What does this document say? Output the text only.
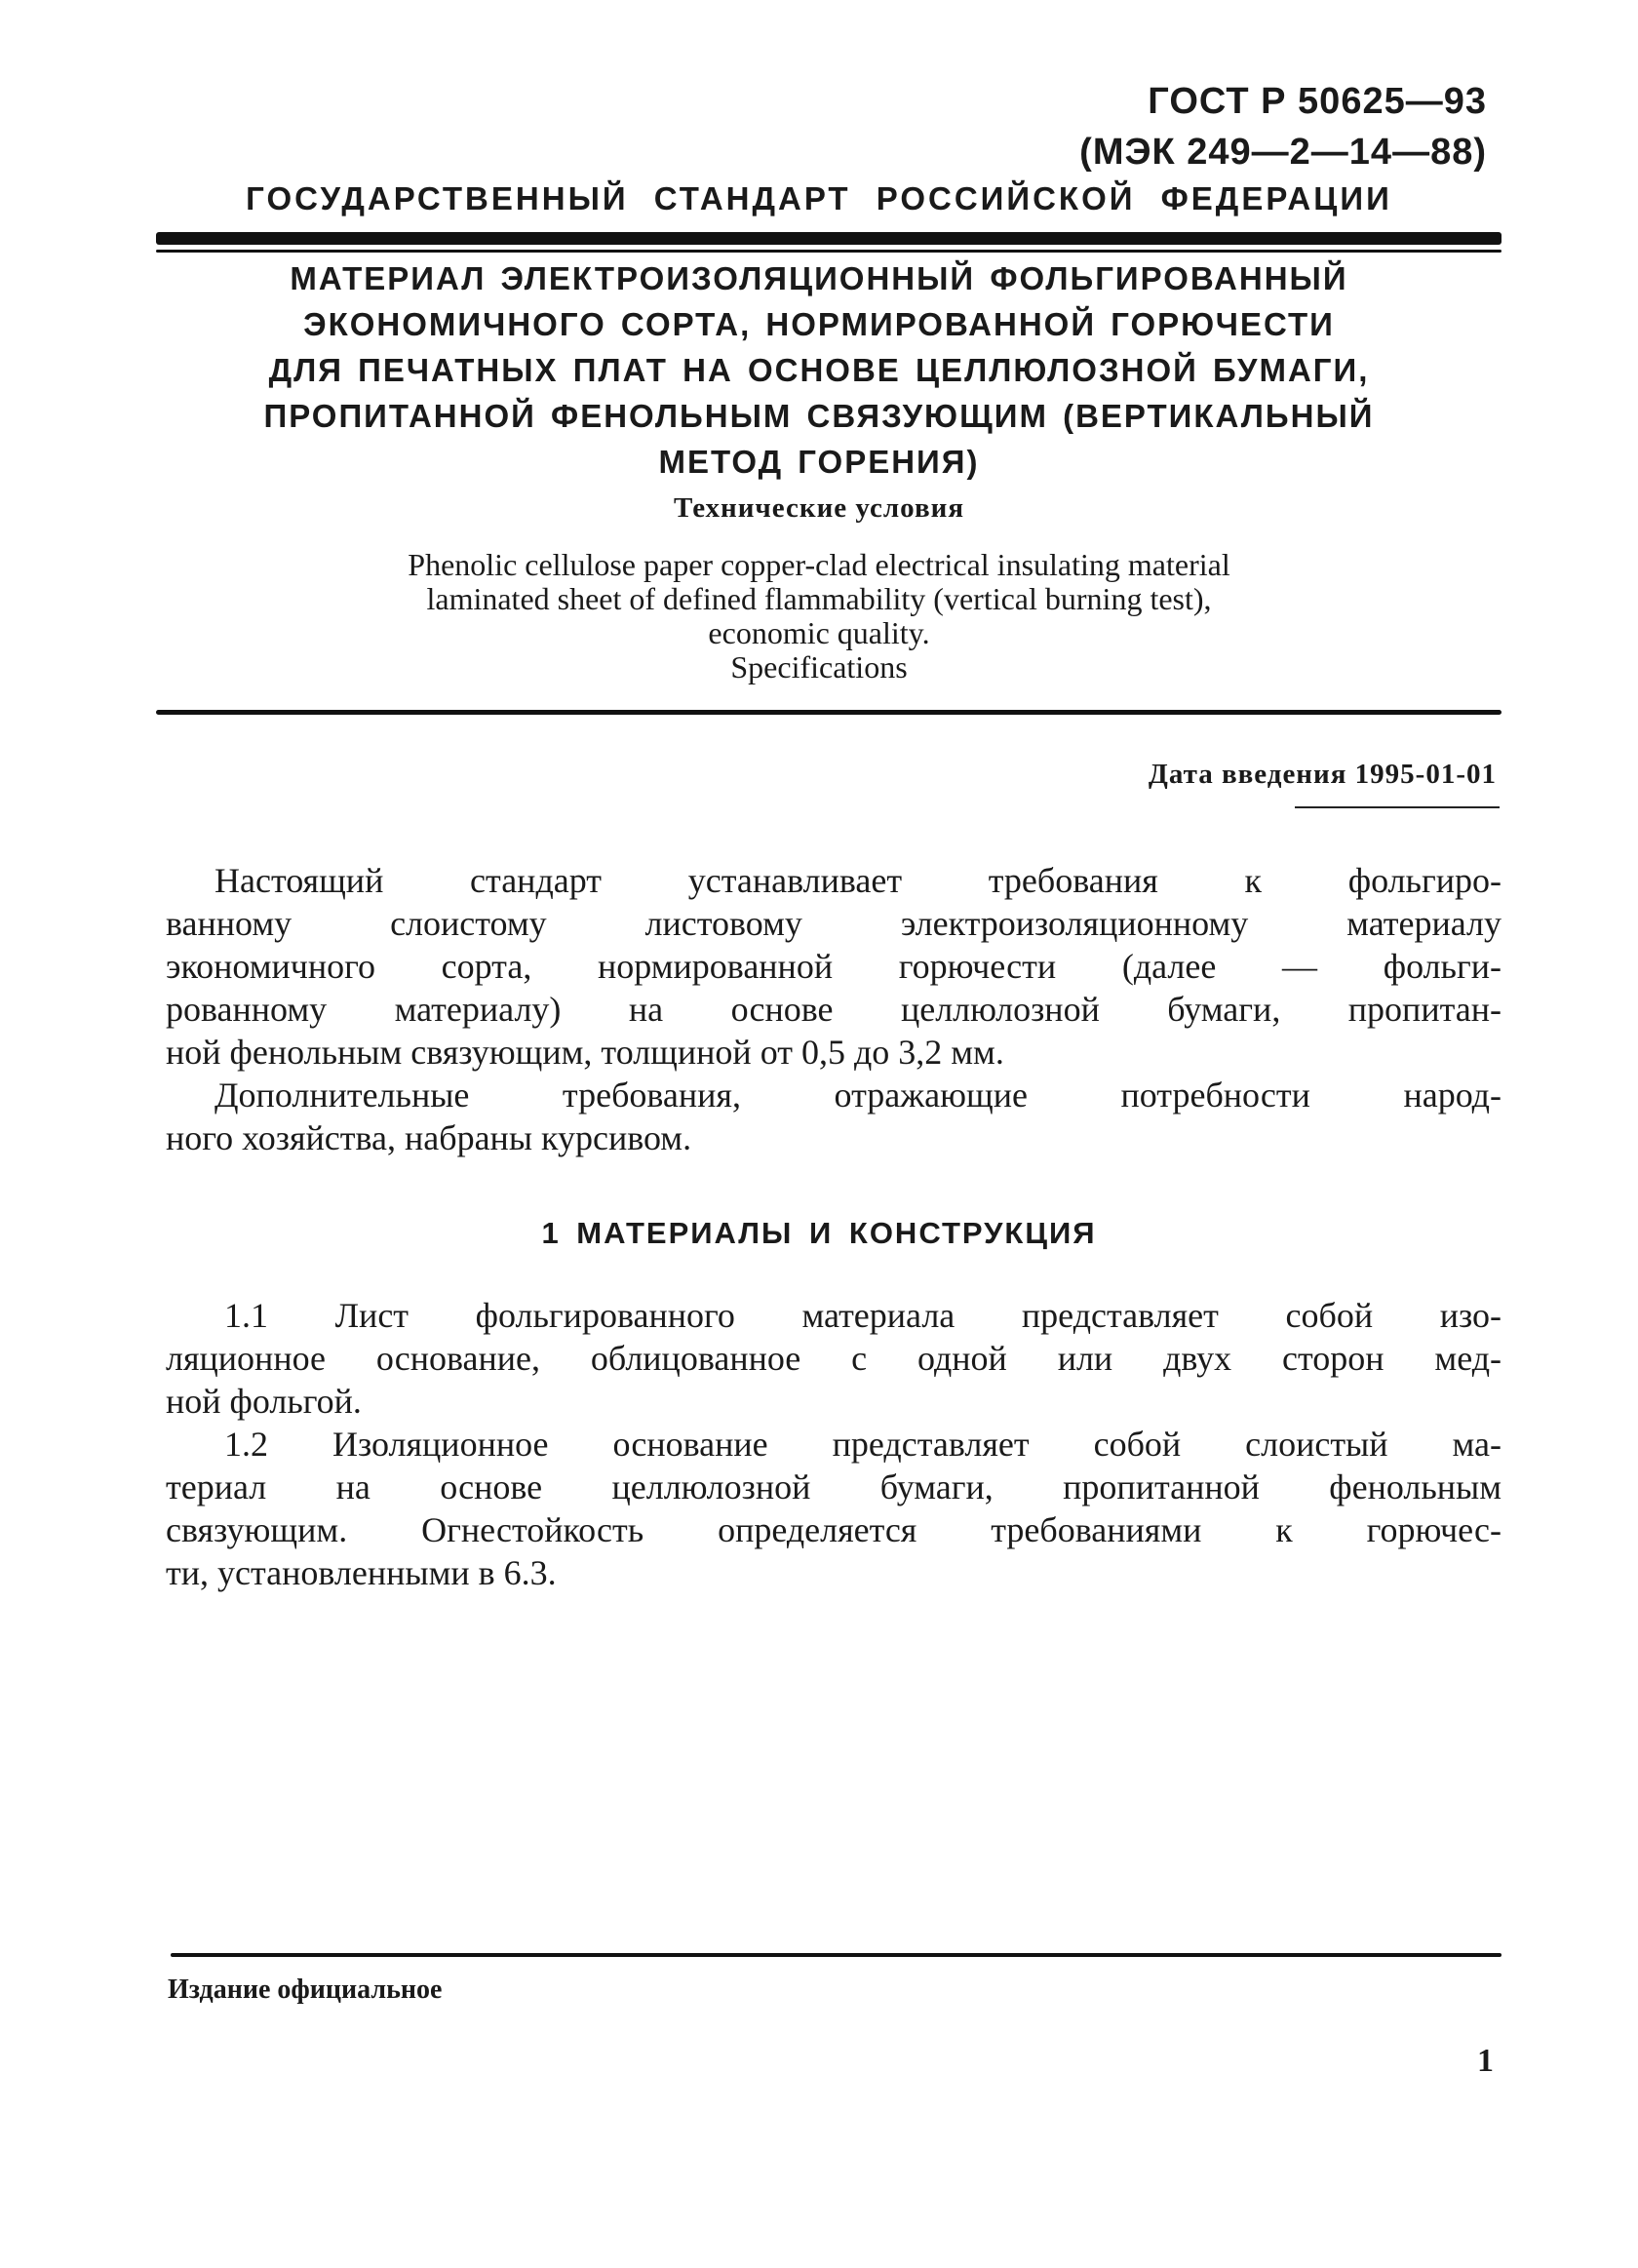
ГОСТ Р 50625—93
(МЭК 249—2—14—88)
ГОСУДАРСТВЕННЫЙ СТАНДАРТ РОССИЙСКОЙ ФЕДЕРАЦИИ
МАТЕРИАЛ ЭЛЕКТРОИЗОЛЯЦИОННЫЙ ФОЛЬГИРОВАННЫЙ
ЭКОНОМИЧНОГО СОРТА, НОРМИРОВАННОЙ ГОРЮЧЕСТИ
ДЛЯ ПЕЧАТНЫХ ПЛАТ НА ОСНОВЕ ЦЕЛЛЮЛОЗНОЙ БУМАГИ,
ПРОПИТАННОЙ ФЕНОЛЬНЫМ СВЯЗУЮЩИМ (ВЕРТИКАЛЬНЫЙ
МЕТОД ГОРЕНИЯ)
Технические условия
Phenolic cellulose paper copper-clad electrical insulating material
laminated sheet of defined flammability (vertical burning test),
economic quality.
Specifications
Дата введения 1995-01-01
Настоящий стандарт устанавливает требования к фольгиро-
ванному слоистому листовому электроизоляционному материалу
экономичного сорта, нормированной горючести (далее — фольги-
рованному материалу) на основе целлюлозной бумаги, пропитан-
ной фенольным связующим, толщиной от 0,5 до 3,2 мм.
Дополнительные требования, отражающие потребности народ-
ного хозяйства, набраны курсивом.
1 МАТЕРИАЛЫ И КОНСТРУКЦИЯ
1.1 Лист фольгированного материала представляет собой изо-
ляционное основание, облицованное с одной или двух сторон мед-
ной фольгой.
1.2 Изоляционное основание представляет собой слоистый ма-
териал на основе целлюлозной бумаги, пропитанной фенольным
связующим. Огнестойкость определяется требованиями к горючес-
ти, установленными в 6.3.
Издание официальное
1
